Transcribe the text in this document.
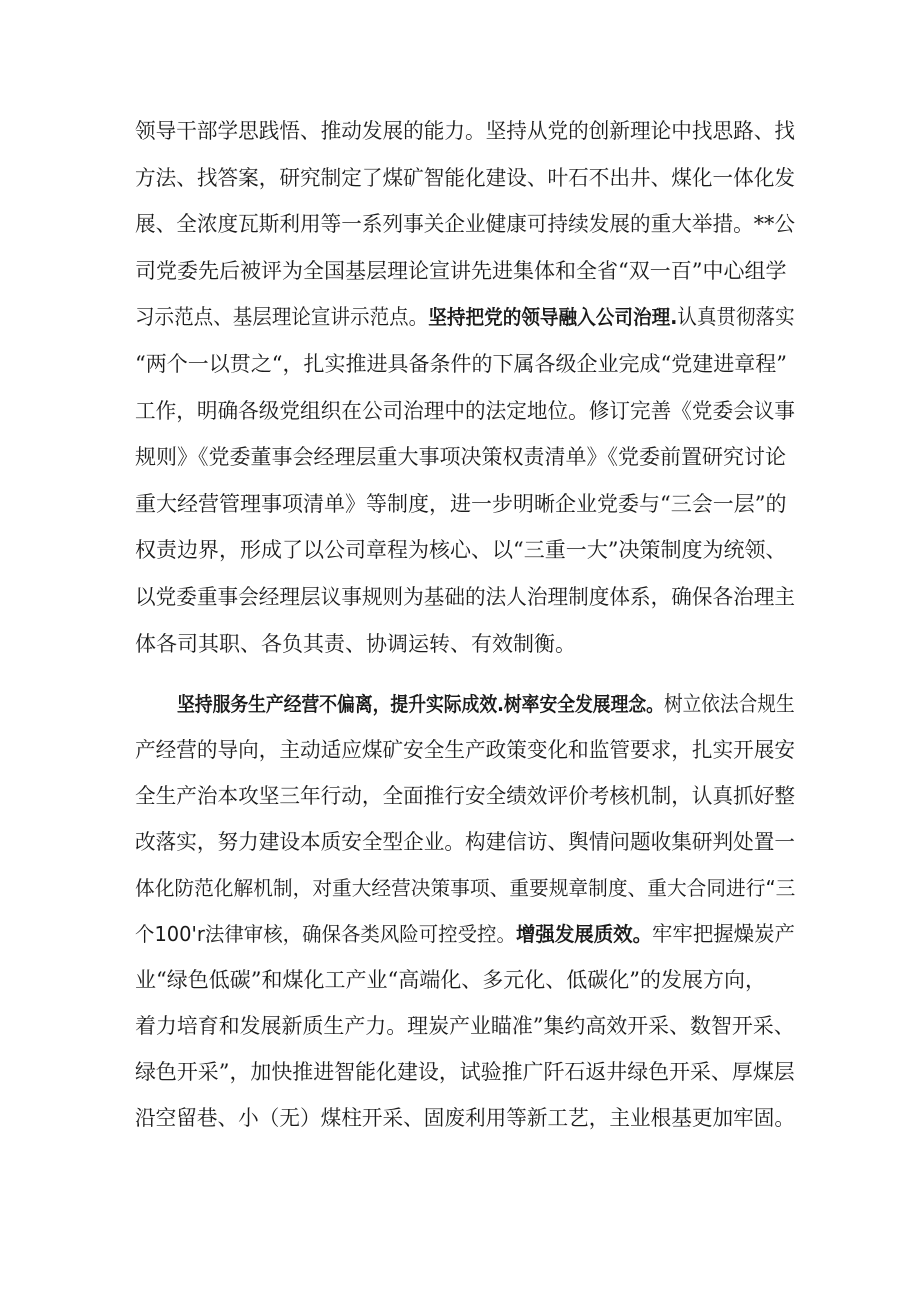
领导干部学思践悟、推动发展的能力。坚持从党的创新理论中找思路、找
方法、找答案，研究制定了煤矿智能化建设、叶石不出井、煤化一体化发
展、全浓度瓦斯利用等一系列事关企业健康可持续发展的重大举措。**公
司党委先后被评为全国基层理论宣讲先进集体和全省“双一百”中心组学
习示范点、基层理论宣讲示范点。坚持把党的领导融入公司治理.认真贯彻落实
“两个一以贯之“，扎实推进具备条件的下属各级企业完成“党建进章程”
工作，明确各级党组织在公司治理中的法定地位。修订完善《党委会议事
规则》《党委董事会经理层重大事项决策权责清单》《党委前置研究讨论
重大经营管理事项清单》等制度，进一步明晰企业党委与“三会一层”的
权责边界，形成了以公司章程为核心、以“三重一大”决策制度为统领、
以党委重事会经理层议事规则为基础的法人治理制度体系，确保各治理主
体各司其职、各负其责、协调运转、有效制衡。
坚持服务生产经营不偏离，提升实际成效.树率安全发展理念。树立依法合规生
产经营的导向，主动适应煤矿安全生产政策变化和监管要求，扎实开展安
全生产治本攻坚三年行动，全面推行安全绩效评价考核机制，认真抓好整
改落实，努力建设本质安全型企业。构建信访、舆情问题收集研判处置一
体化防范化解机制，对重大经营决策事项、重要规章制度、重大合同进行“三
个100'r法律审核，确保各类风险可控受控。增强发展质效。牢牢把握燥炭产
业“绿色低碳”和煤化工产业“高端化、多元化、低碳化”的发展方向，
着力培育和发展新质生产力。理炭产业瞄准”集约高效开采、数智开采、
绿色开采”，加快推进智能化建设，试验推广阡石返井绿色开采、厚煤层
沿空留巷、小（无）煤柱开采、固废利用等新工艺，主业根基更加牢固。
